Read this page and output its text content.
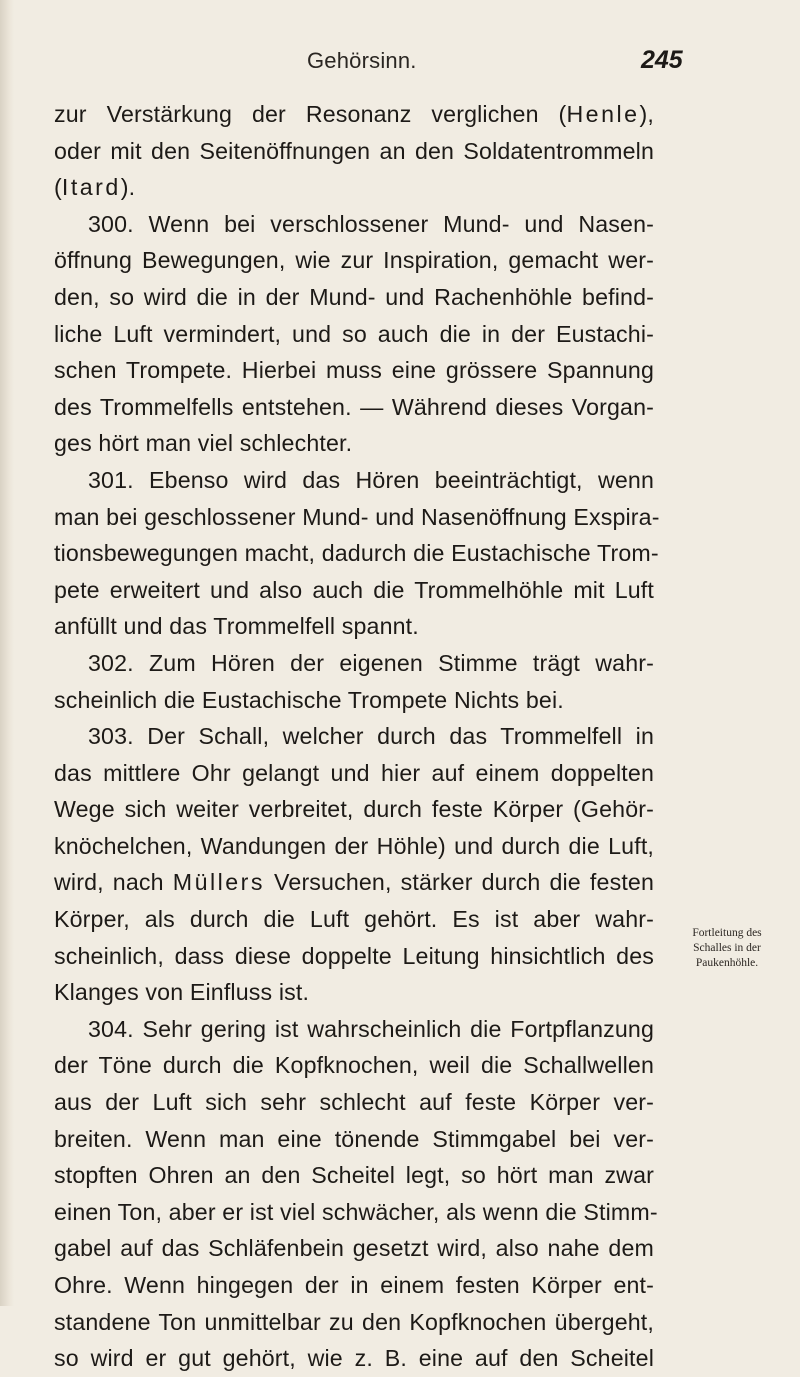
Gehörsinn.	245
zur Verstärkung der Resonanz verglichen (Henle),
oder mit den Seitenöffnungen an den Soldatentrommeln
(Itard).
300. Wenn bei verschlossener Mund- und Nasen-
öffnung Bewegungen, wie zur Inspiration, gemacht wer-
den, so wird die in der Mund- und Rachenhöhle befind-
liche Luft vermindert, und so auch die in der Eustachi-
schen Trompete. Hierbei muss eine grössere Spannung
des Trommelfells entstehen. — Während dieses Vorgan-
ges hört man viel schlechter.
301. Ebenso wird das Hören beeinträchtigt, wenn
man bei geschlossener Mund- und Nasenöffnung Exspira-
tionsbewegungen macht, dadurch die Eustachische Trom-
pete erweitert und also auch die Trommelhöhle mit Luft
anfüllt und das Trommelfell spannt.
302. Zum Hören der eigenen Stimme trägt wahr-
scheinlich die Eustachische Trompete Nichts bei.
303. Der Schall, welcher durch das Trommelfell in
das mittlere Ohr gelangt und hier auf einem doppelten
Wege sich weiter verbreitet, durch feste Körper (Gehör-
knöchelchen, Wandungen der Höhle) und durch die Luft,
wird, nach Müllers Versuchen, stärker durch die festen
Körper, als durch die Luft gehört. Es ist aber wahr-
scheinlich, dass diese doppelte Leitung hinsichtlich des
Klanges von Einfluss ist.
304. Sehr gering ist wahrscheinlich die Fortpflanzung
der Töne durch die Kopfknochen, weil die Schallwellen
aus der Luft sich sehr schlecht auf feste Körper ver-
breiten. Wenn man eine tönende Stimmgabel bei ver-
stopften Ohren an den Scheitel legt, so hört man zwar
einen Ton, aber er ist viel schwächer, als wenn die Stimm-
gabel auf das Schläfenbein gesetzt wird, also nahe dem
Ohre. Wenn hingegen der in einem festen Körper ent-
standene Ton unmittelbar zu den Kopfknochen übergeht,
so wird er gut gehört, wie z. B. eine auf den Scheitel
Fortleitung des
Schalles in der
Paukenhöhle.
